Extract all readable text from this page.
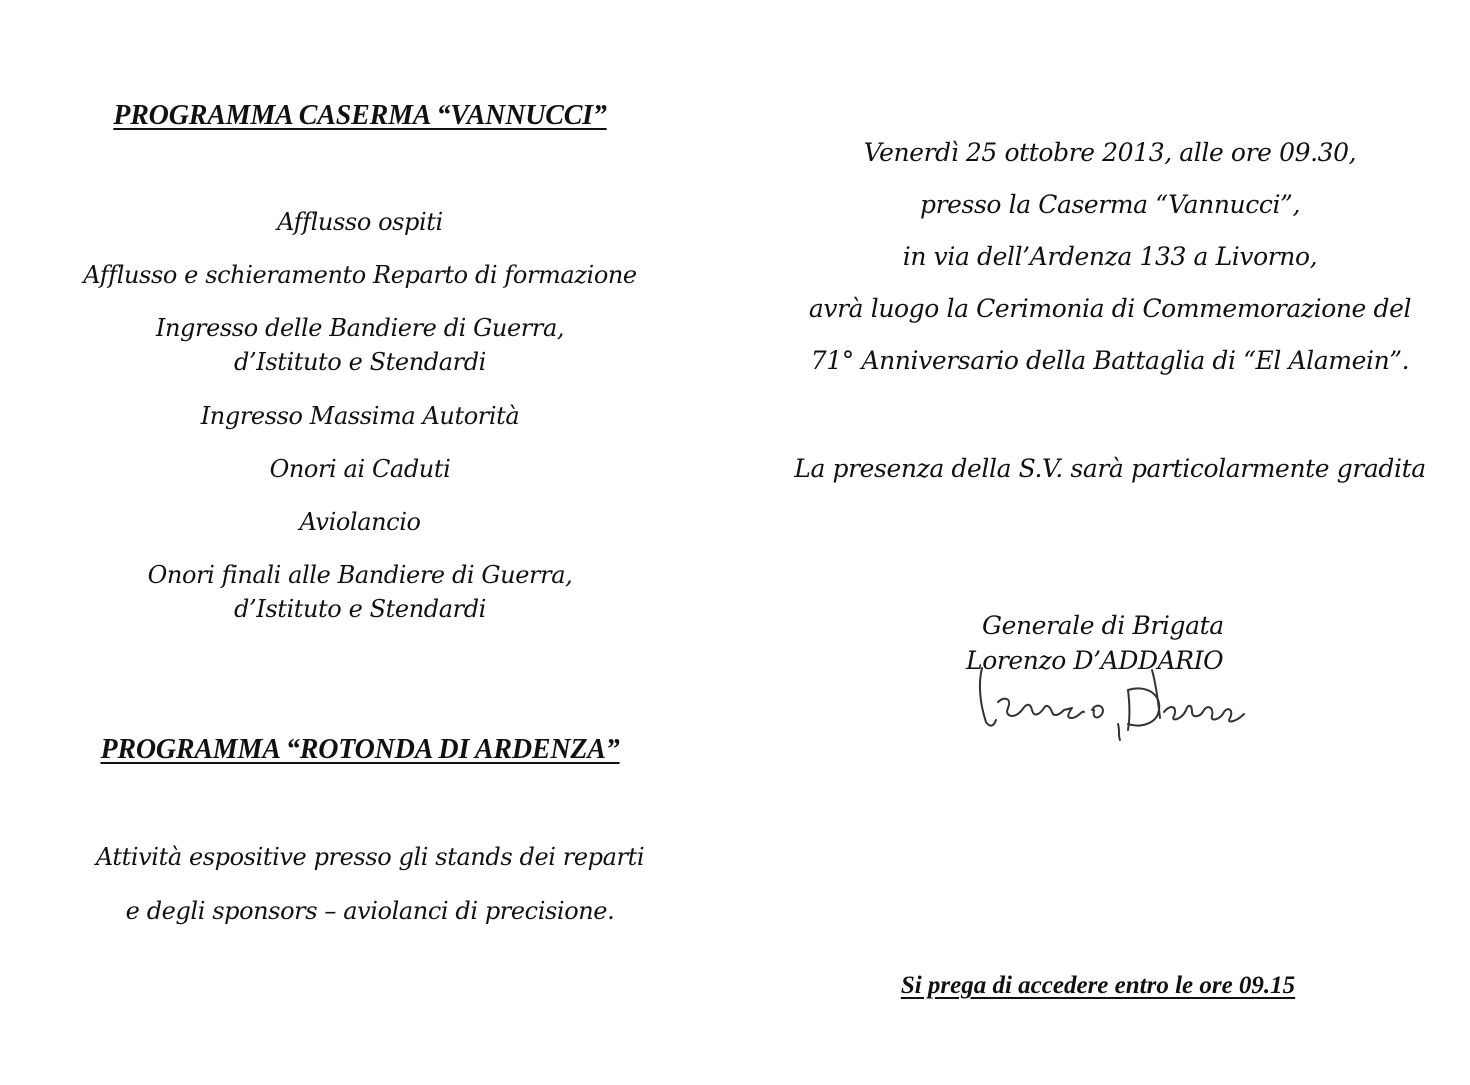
PROGRAMMA CASERMA “VANNUCCI”
Afflusso ospiti
Afflusso e schieramento Reparto di formazione
Ingresso delle Bandiere di Guerra,
d’Istituto e Stendardi
Ingresso Massima Autorità
Onori ai Caduti
Aviolancio
Onori finali alle Bandiere di Guerra,
d’Istituto e Stendardi
PROGRAMMA “ROTONDA DI ARDENZA”
Attività espositive presso gli stands dei reparti
e degli sponsors – aviolanci di precisione.
Venerdì 25 ottobre 2013, alle ore 09.30,
presso la Caserma “Vannucci”,
in via dell’Ardenza 133 a Livorno,
avrà luogo la Cerimonia di Commemorazione del
71° Anniversario della Battaglia di “El Alamein”.
La presenza della S.V. sarà particolarmente gradita
Generale di Brigata
Lorenzo D’ADDARIO
Si prega di accedere entro le ore 09.15
